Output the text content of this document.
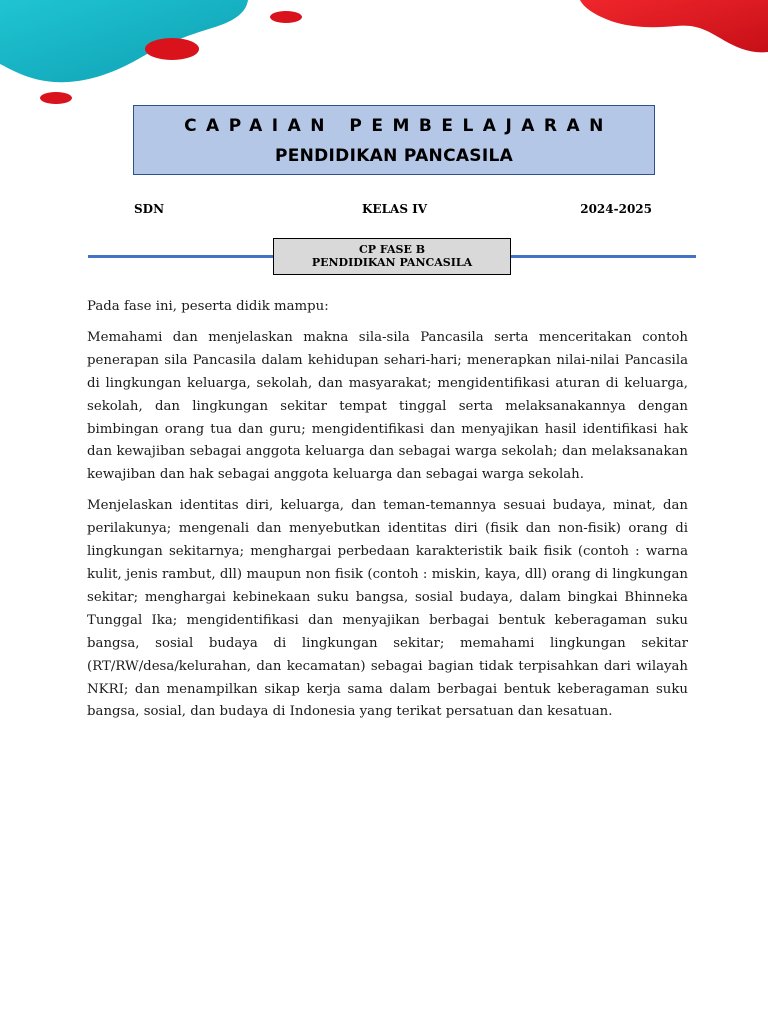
CAPAIAN PEMBELAJARAN
PENDIDIKAN PANCASILA
SDN	KELAS IV	2024-2025
CP FASE B
PENDIDIKAN PANCASILA

Pada fase ini, peserta didik mampu:

Memahami dan menjelaskan makna sila-sila Pancasila serta menceritakan contoh penerapan sila Pancasila dalam kehidupan sehari-hari; menerapkan nilai-nilai Pancasila di lingkungan keluarga, sekolah, dan masyarakat; mengidentifikasi aturan di keluarga, sekolah, dan lingkungan sekitar tempat tinggal serta melaksanakannya dengan bimbingan orang tua dan guru; mengidentifikasi dan menyajikan hasil identifikasi hak dan kewajiban sebagai anggota keluarga dan sebagai warga sekolah; dan melaksanakan kewajiban dan hak sebagai anggota keluarga dan sebagai warga sekolah.

Menjelaskan identitas diri, keluarga, dan teman-temannya sesuai budaya, minat, dan perilakunya; mengenali dan menyebutkan identitas diri (fisik dan non-fisik) orang di lingkungan sekitarnya; menghargai perbedaan karakteristik baik fisik (contoh : warna kulit, jenis rambut, dll) maupun non fisik (contoh : miskin, kaya, dll) orang di lingkungan sekitar; menghargai kebinekaan suku bangsa, sosial budaya, dalam bingkai Bhinneka Tunggal Ika; mengidentifikasi dan menyajikan berbagai bentuk keberagaman suku bangsa, sosial budaya di lingkungan sekitar; memahami lingkungan sekitar (RT/RW/desa/kelurahan, dan kecamatan) sebagai bagian tidak terpisahkan dari wilayah NKRI; dan menampilkan sikap kerja sama dalam berbagai bentuk keberagaman suku bangsa, sosial, dan budaya di Indonesia yang terikat persatuan dan kesatuan.
